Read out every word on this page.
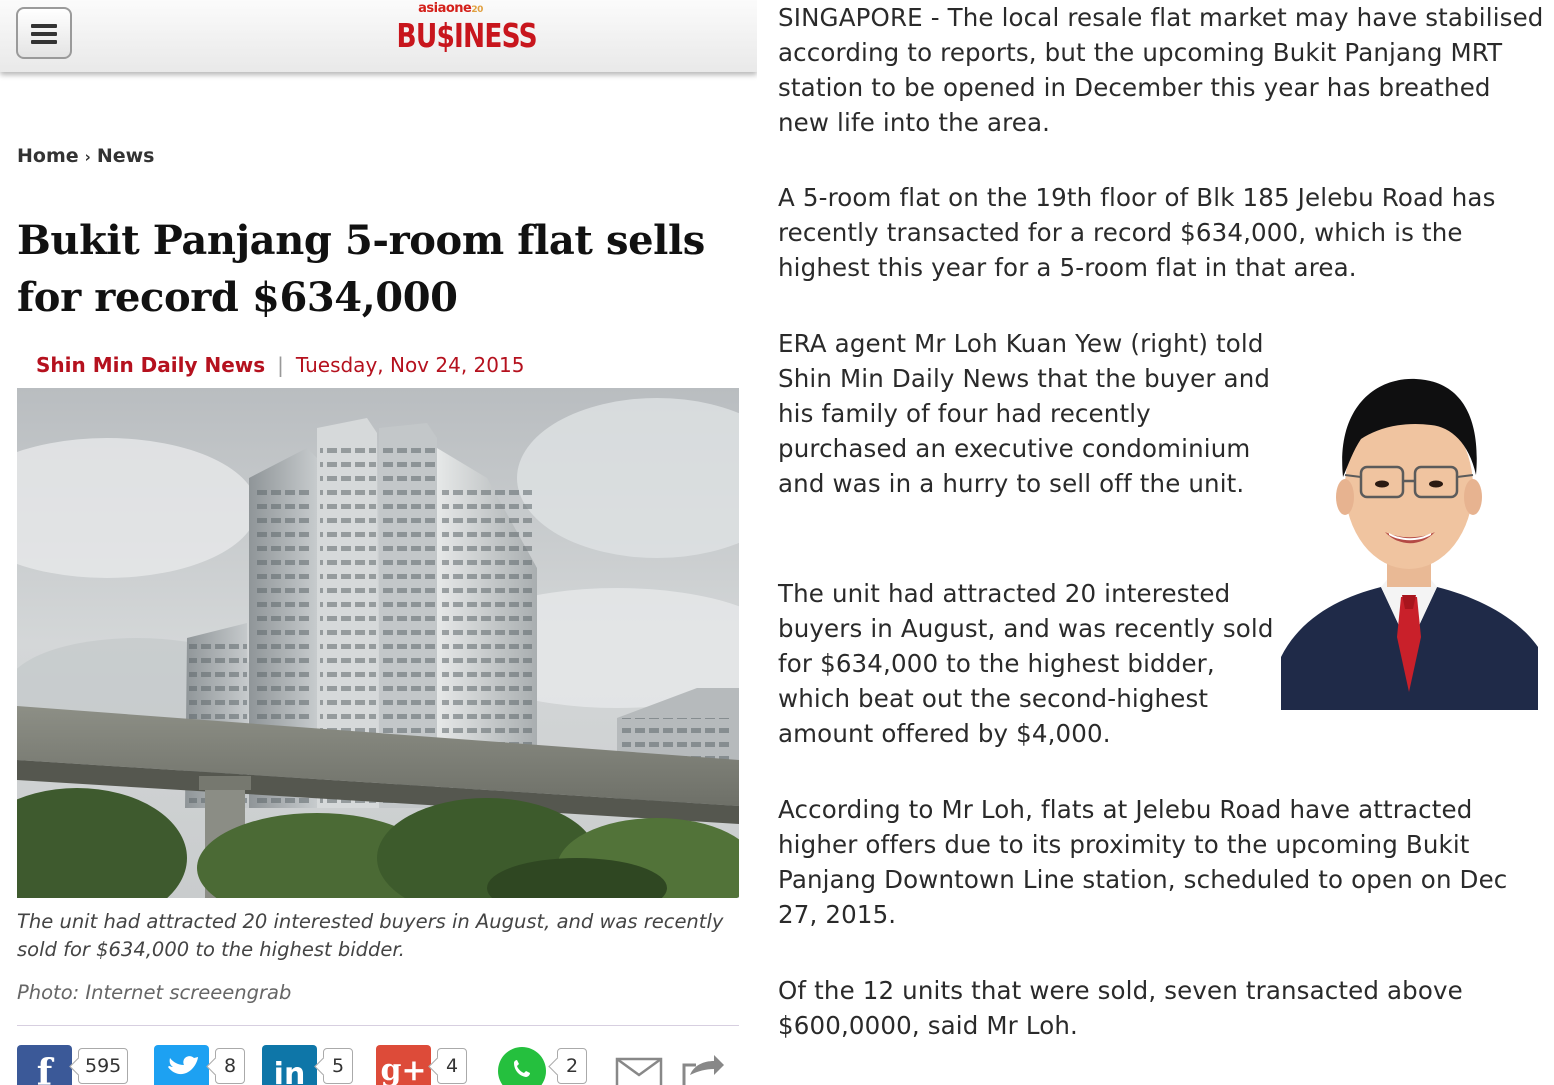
asiaone20
BU$INESS
Home › News
Bukit Panjang 5-room flat sells for record $634,000
Shin Min Daily News | Tuesday, Nov 24, 2015
The unit had attracted 20 interested buyers in August, and was recently sold for $634,000 to the highest bidder.
Photo: Internet screeengrab
f	595	8	in	5 g+	4	2

SINGAPORE - The local resale flat market may have stabilised according to reports, but the upcoming Bukit Panjang MRT station to be opened in December this year has breathed new life into the area.

A 5-room flat on the 19th floor of Blk 185 Jelebu Road has recently transacted for a record $634,000, which is the highest this year for a 5-room flat in that area.

ERA agent Mr Loh Kuan Yew (right) told Shin Min Daily News that the buyer and his family of four had recently purchased an executive condominium and was in a hurry to sell off the unit.

The unit had attracted 20 interested buyers in August, and was recently sold for $634,000 to the highest bidder, which beat out the second-highest amount offered by $4,000.

According to Mr Loh, flats at Jelebu Road have attracted higher offers due to its proximity to the upcoming Bukit Panjang Downtown Line station, scheduled to open on Dec 27, 2015.

Of the 12 units that were sold, seven transacted above $600,0000, said Mr Loh.
